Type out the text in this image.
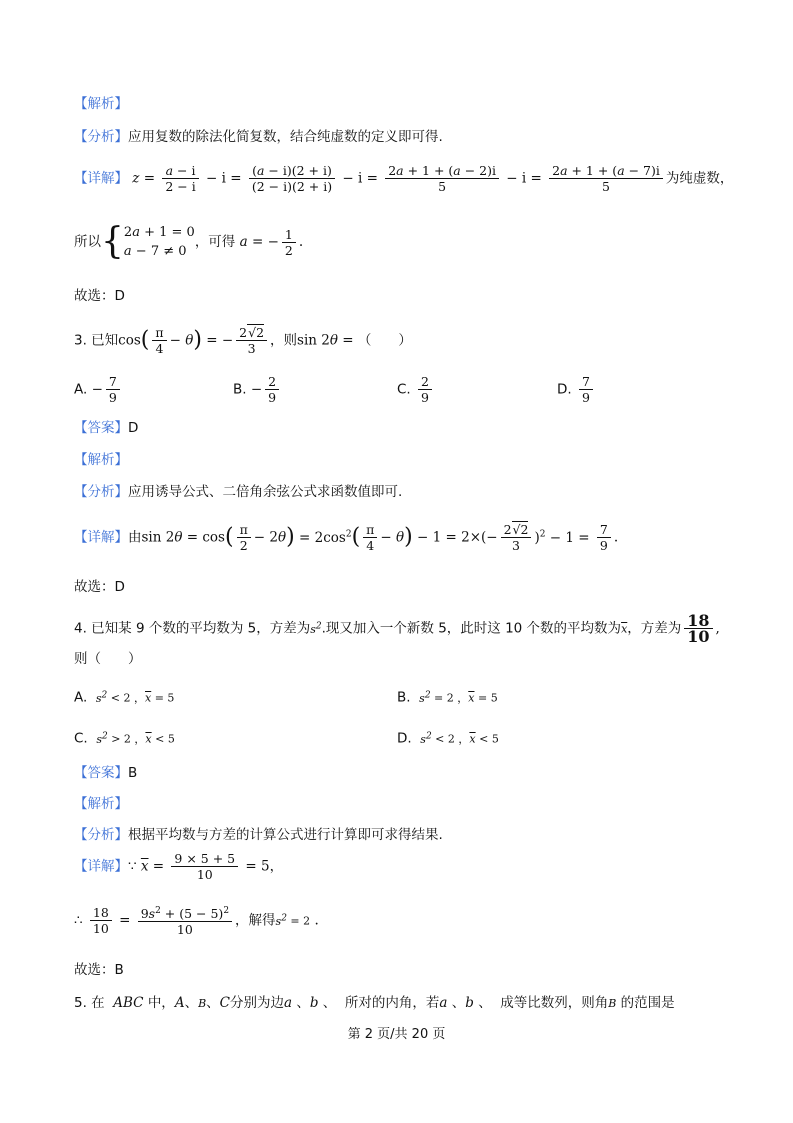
【解析】
【分析】应用复数的除法化简复数，结合纯虚数的定义即可得.
【详解】 $z = \frac{a - i}{2 - i} - i = \frac{(a - i)(2 + i)}{(2 - i)(2 + i)} - i = \frac{2a + 1 + (a - 2)i}{5} - i = \frac{2a + 1 + (a - 7)i}{5}$ 为纯虚数，
所以{2a + 1 = 0
a − 7 ≠ 0，可得 a = − $\frac{1}{2}$ .
故选：D
3. 已知$\cos( \frac{\pi}{4} - \theta)$ = − $\frac{2√2}{3}$ ，则sin 2θ = （　　）
A. − $\frac{7}{9}$	B. − $\frac{2}{9}$	C. $\frac{2}{9}$	D. $\frac{7}{9}$
【答案】D
【解析】
【分析】应用诱导公式、二倍角余弦公式求函数值即可.
【详解】由$\sin 2\theta = \cos( \frac{\pi}{2} - 2\theta) = 2\cos^2( \frac{\pi}{4} - \theta) - 1 = 2\times(- \frac{2√2}{3} )^2 - 1 = \frac{7}{9}$ .
故选：D
4. 已知某 9 个数的平均数为 5，方差为$s^2$.现又加入一个新数 5，此时这 10 个数的平均数为$\overline{x}$，方差为 $\frac{18}{10}$ ,
则（　　）
A. $s^2 < 2$ ，$\overline{x} = 5$	B. $s^2 = 2$ ，$\overline{x} = 5$
C. $s^2 > 2$ ，$\overline{x} < 5$	D. $s^2 < 2$ ，$\overline{x} < 5$
【答案】B
【解析】
【分析】根据平均数与方差的计算公式进行计算即可求得结果.
【详解】∵ $\overline{x} = \frac{9 \times 5 + 5}{10} = 5$，
∴ $\frac{18}{10} = \frac{9s^2 + (5 - 5)^2}{10}$ ，解得$s^2 = 2$ .
故选：B
5. 在 ABC 中，A、B、C分别为边a 、b 、  所对的内角，若a 、b 、  成等比数列，则角B 的范围是
第 2 页/共 20 页
